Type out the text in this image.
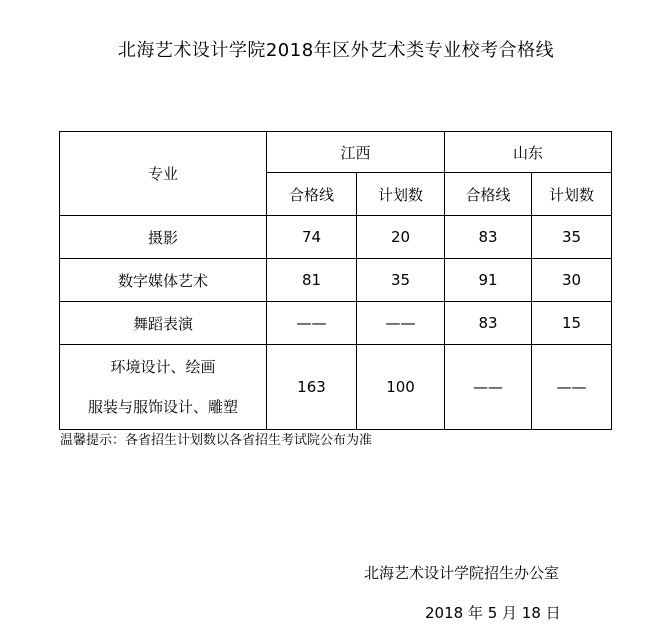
北海艺术设计学院2018年区外艺术类专业校考合格线
专业	江西		山东	
	合格线	计划数	合格线	计划数
摄影	74	20	83	35
数字媒体艺术	81	35	91	30
舞蹈表演	——	——	83	15

环境设计、绘画
服装与服饰设计、雕塑	163	100	——	——
温馨提示：各省招生计划数以各省招生考试院公布为准
北海艺术设计学院招生办公室
2018 年 5 月 18 日
